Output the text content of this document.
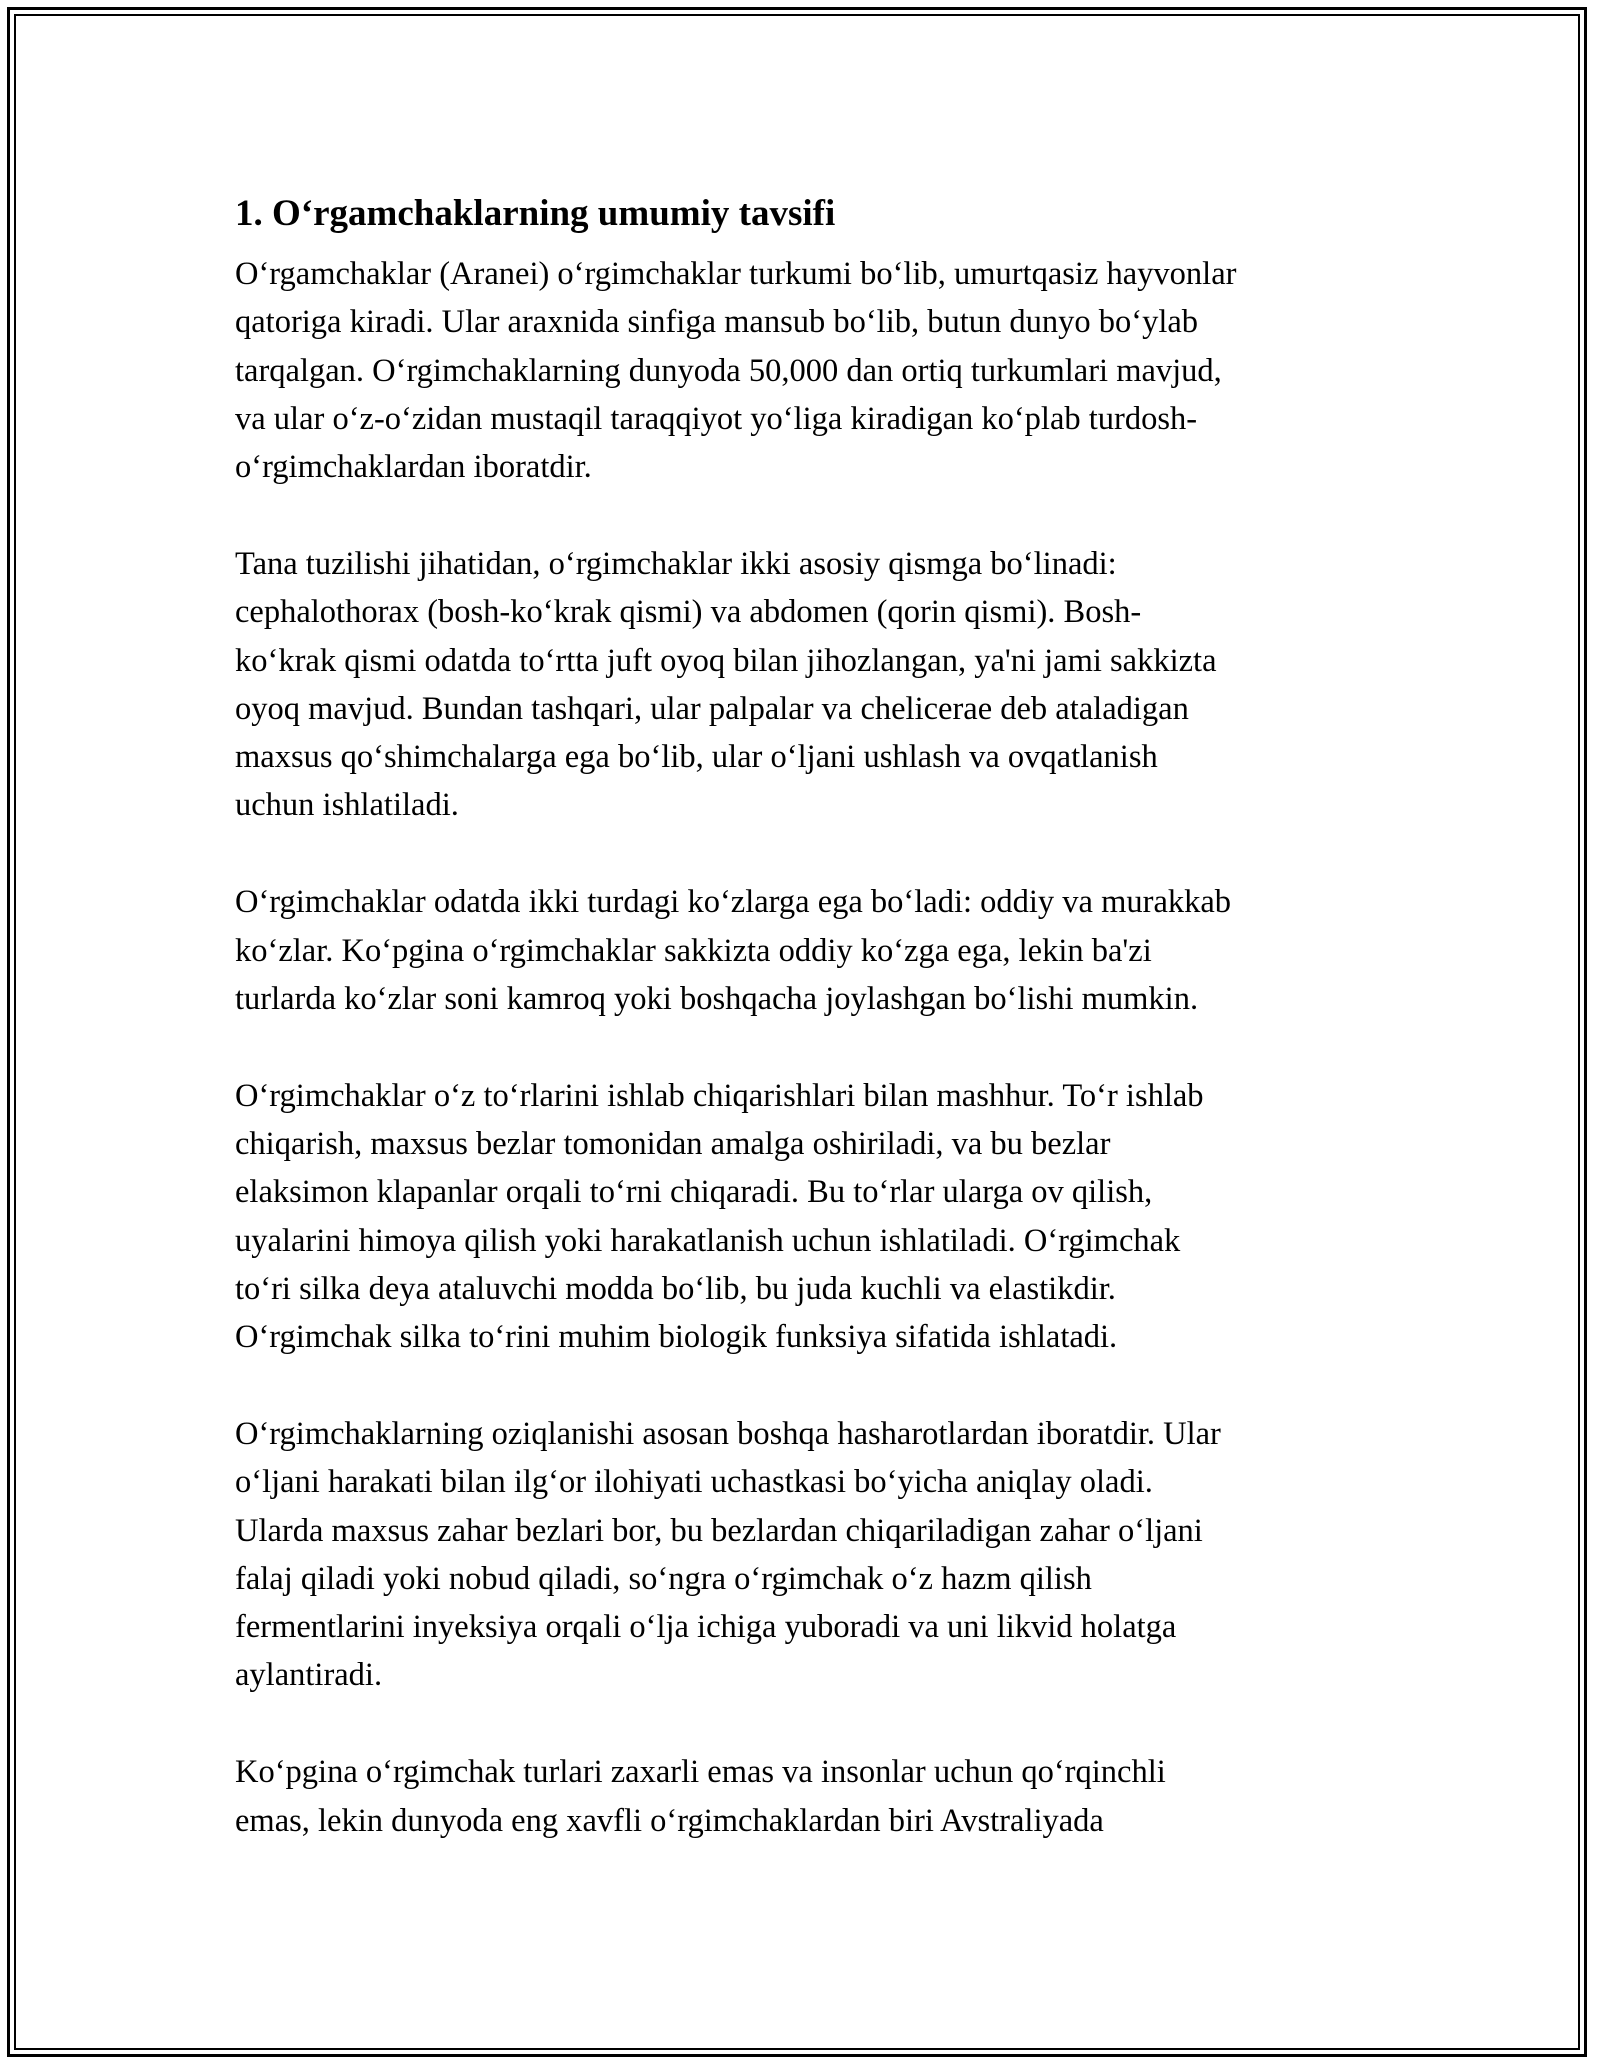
1. O‘rgamchaklarning umumiy tavsifi
O‘rgamchaklar (Aranei) o‘rgimchaklar turkumi bo‘lib, umurtqasiz hayvonlar
qatoriga kiradi. Ular araxnida sinfiga mansub bo‘lib, butun dunyo bo‘ylab
tarqalgan. O‘rgimchaklarning dunyoda 50,000 dan ortiq turkumlari mavjud,
va ular o‘z-o‘zidan mustaqil taraqqiyot yo‘liga kiradigan ko‘plab turdosh-
o‘rgimchaklardan iboratdir.
Tana tuzilishi jihatidan, o‘rgimchaklar ikki asosiy qismga bo‘linadi:
cephalothorax (bosh-ko‘krak qismi) va abdomen (qorin qismi). Bosh-
ko‘krak qismi odatda to‘rtta juft oyoq bilan jihozlangan, ya'ni jami sakkizta
oyoq mavjud. Bundan tashqari, ular palpalar va chelicerae deb ataladigan
maxsus qo‘shimchalarga ega bo‘lib, ular o‘ljani ushlash va ovqatlanish
uchun ishlatiladi.
O‘rgimchaklar odatda ikki turdagi ko‘zlarga ega bo‘ladi: oddiy va murakkab
ko‘zlar. Ko‘pgina o‘rgimchaklar sakkizta oddiy ko‘zga ega, lekin ba'zi
turlarda ko‘zlar soni kamroq yoki boshqacha joylashgan bo‘lishi mumkin.
O‘rgimchaklar o‘z to‘rlarini ishlab chiqarishlari bilan mashhur. To‘r ishlab
chiqarish, maxsus bezlar tomonidan amalga oshiriladi, va bu bezlar
elaksimon klapanlar orqali to‘rni chiqaradi. Bu to‘rlar ularga ov qilish,
uyalarini himoya qilish yoki harakatlanish uchun ishlatiladi. O‘rgimchak
to‘ri silka deya ataluvchi modda bo‘lib, bu juda kuchli va elastikdir.
O‘rgimchak silka to‘rini muhim biologik funksiya sifatida ishlatadi.
O‘rgimchaklarning oziqlanishi asosan boshqa hasharotlardan iboratdir. Ular
o‘ljani harakati bilan ilg‘or ilohiyati uchastkasi bo‘yicha aniqlay oladi.
Ularda maxsus zahar bezlari bor, bu bezlardan chiqariladigan zahar o‘ljani
falaj qiladi yoki nobud qiladi, so‘ngra o‘rgimchak o‘z hazm qilish
fermentlarini inyeksiya orqali o‘lja ichiga yuboradi va uni likvid holatga
aylantiradi.
Ko‘pgina o‘rgimchak turlari zaxarli emas va insonlar uchun qo‘rqinchli
emas, lekin dunyoda eng xavfli o‘rgimchaklardan biri Avstraliyada
